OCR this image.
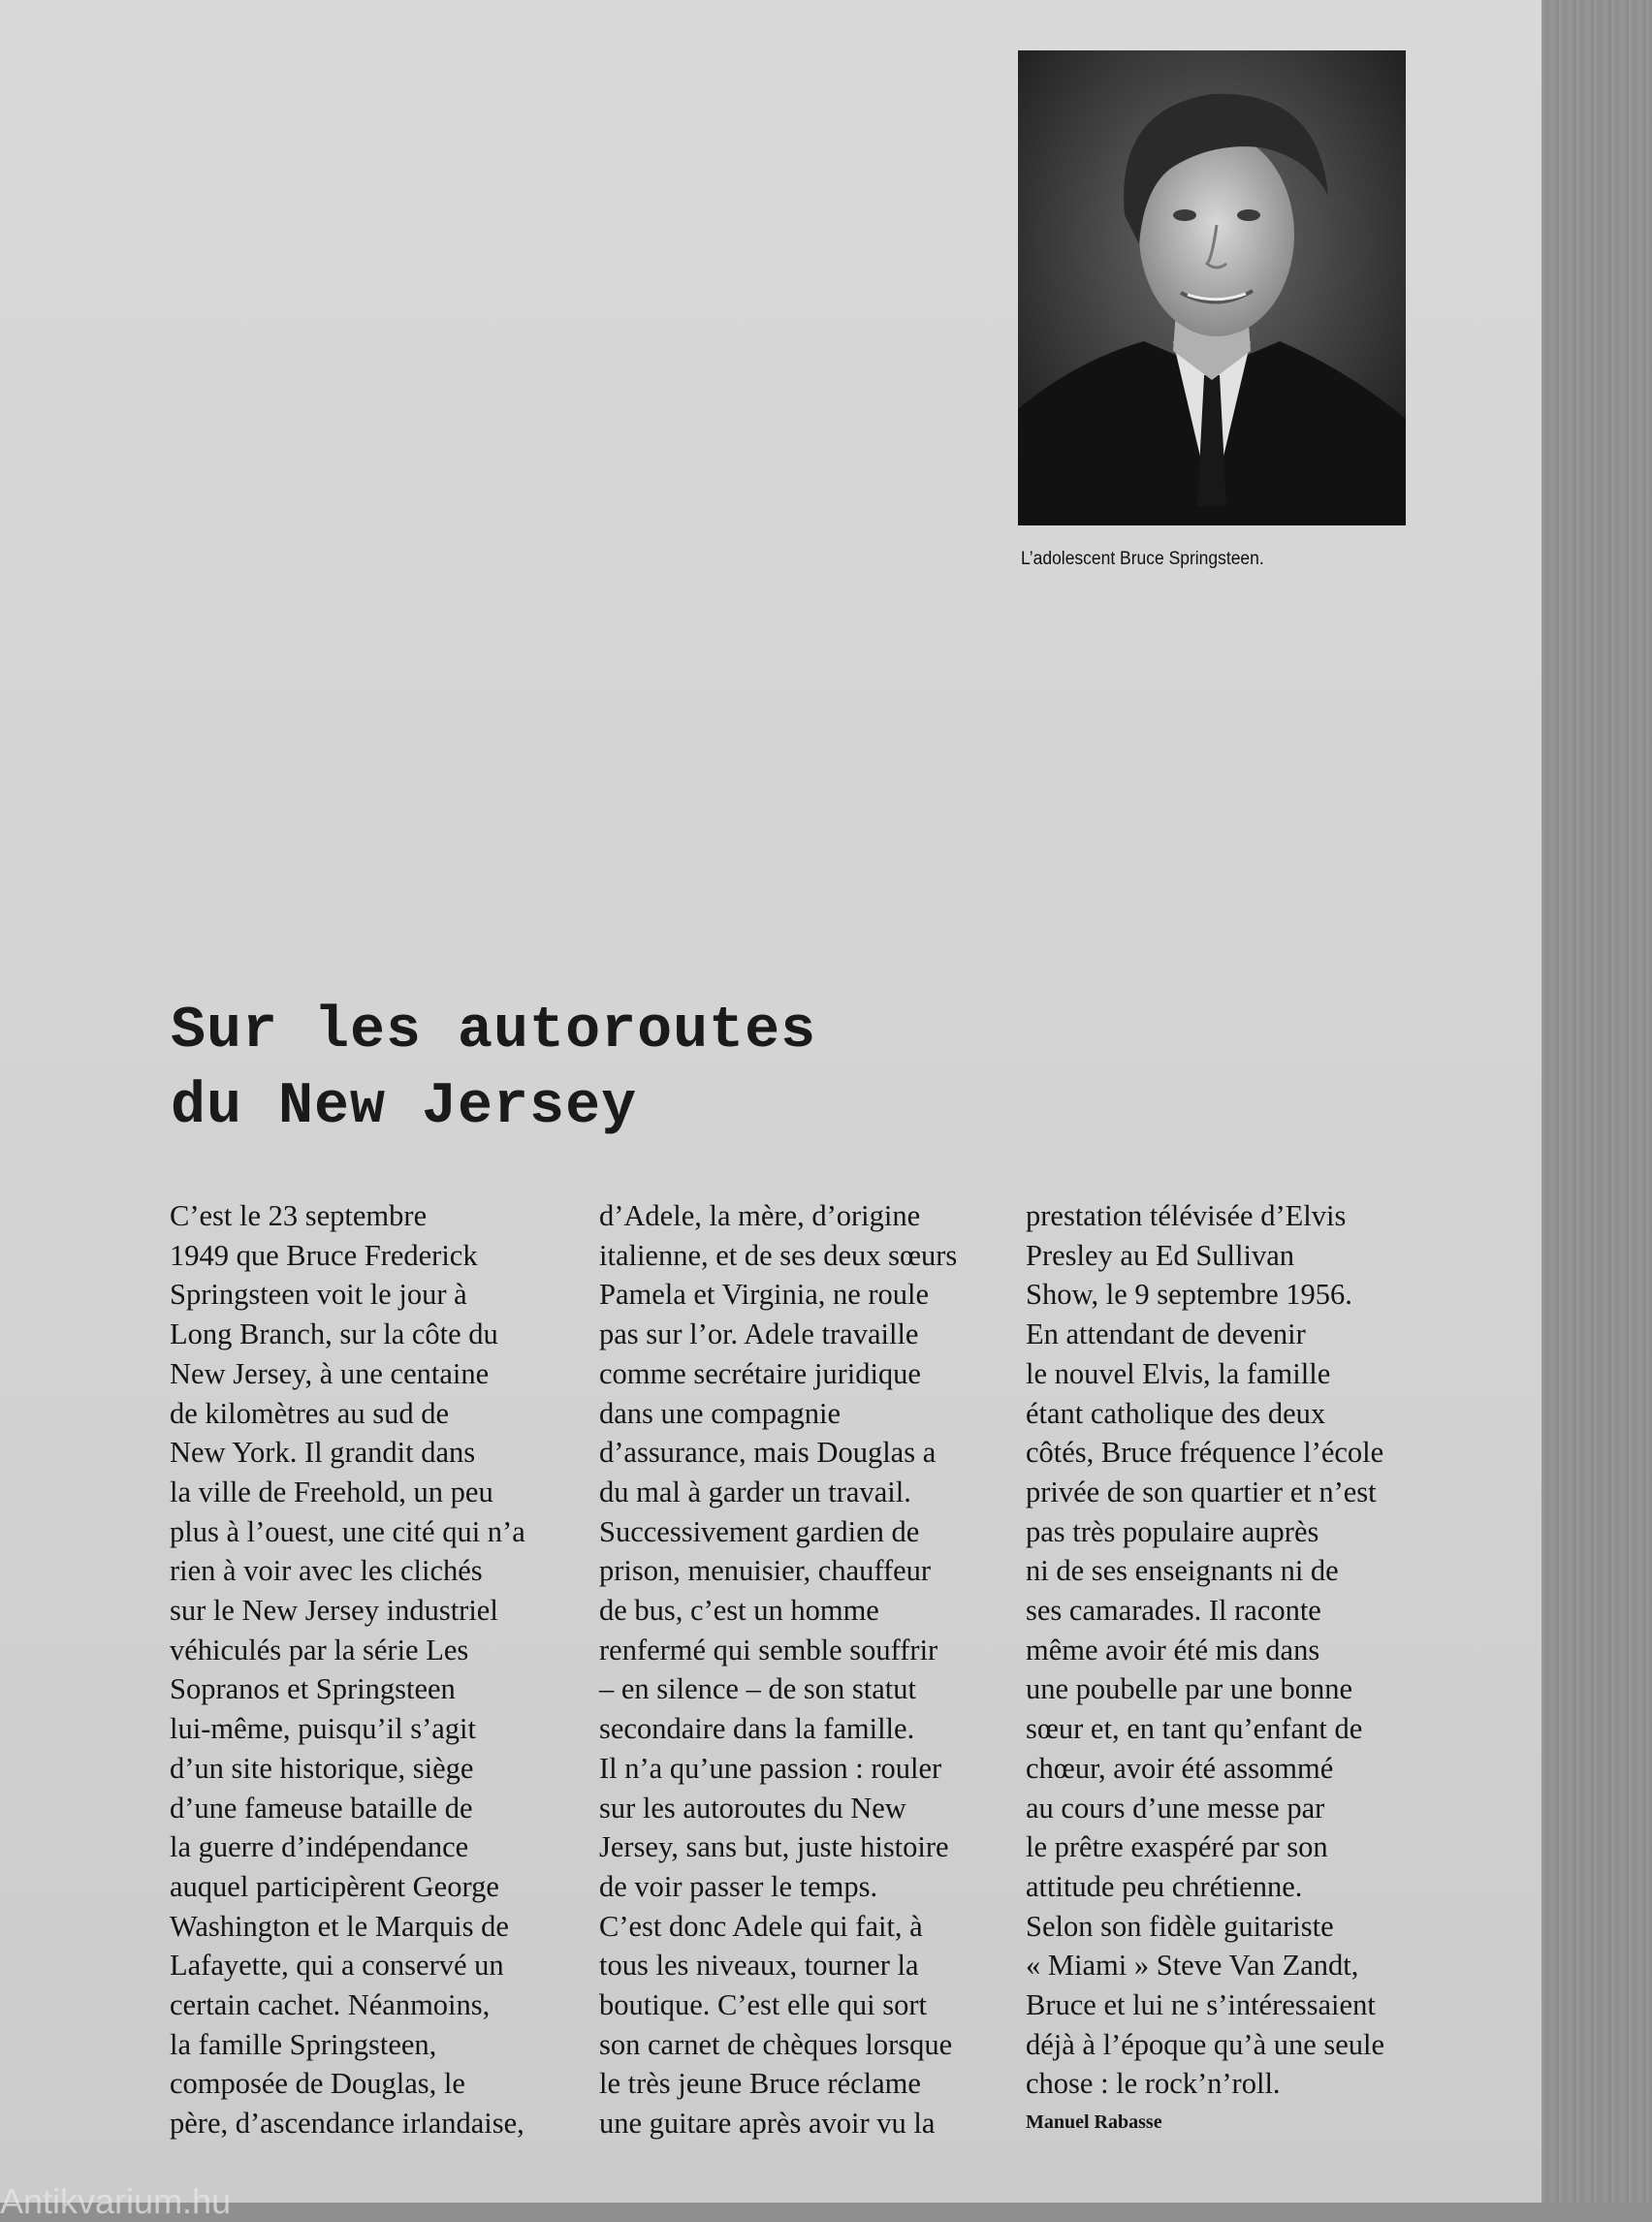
L’adolescent Bruce Springsteen.
Sur les autoroutes
du New Jersey
C’est le 23 septembre
1949 que Bruce Frederick
Springsteen voit le jour à
Long Branch, sur la côte du
New Jersey, à une centaine
de kilomètres au sud de
New York. Il grandit dans
la ville de Freehold, un peu
plus à l’ouest, une cité qui n’a
rien à voir avec les clichés
sur le New Jersey industriel
véhiculés par la série Les
Sopranos et Springsteen
lui-même, puisqu’il s’agit
d’un site historique, siège
d’une fameuse bataille de
la guerre d’indépendance
auquel participèrent George
Washington et le Marquis de
Lafayette, qui a conservé un
certain cachet. Néanmoins,
la famille Springsteen,
composée de Douglas, le
père, d’ascendance irlandaise,
d’Adele, la mère, d’origine
italienne, et de ses deux sœurs
Pamela et Virginia, ne roule
pas sur l’or. Adele travaille
comme secrétaire juridique
dans une compagnie
d’assurance, mais Douglas a
du mal à garder un travail.
Successivement gardien de
prison, menuisier, chauffeur
de bus, c’est un homme
renfermé qui semble souffrir
– en silence – de son statut
secondaire dans la famille.
Il n’a qu’une passion : rouler
sur les autoroutes du New
Jersey, sans but, juste histoire
de voir passer le temps.
C’est donc Adele qui fait, à
tous les niveaux, tourner la
boutique. C’est elle qui sort
son carnet de chèques lorsque
le très jeune Bruce réclame
une guitare après avoir vu la
prestation télévisée d’Elvis
Presley au Ed Sullivan
Show, le 9 septembre 1956.
En attendant de devenir
le nouvel Elvis, la famille
étant catholique des deux
côtés, Bruce fréquence l’école
privée de son quartier et n’est
pas très populaire auprès
ni de ses enseignants ni de
ses camarades. Il raconte
même avoir été mis dans
une poubelle par une bonne
sœur et, en tant qu’enfant de
chœur, avoir été assommé
au cours d’une messe par
le prêtre exaspéré par son
attitude peu chrétienne.
Selon son fidèle guitariste
« Miami » Steve Van Zandt,
Bruce et lui ne s’intéressaient
déjà à l’époque qu’à une seule
chose : le rock’n’roll.
Manuel Rabasse
Antikvarium.hu
